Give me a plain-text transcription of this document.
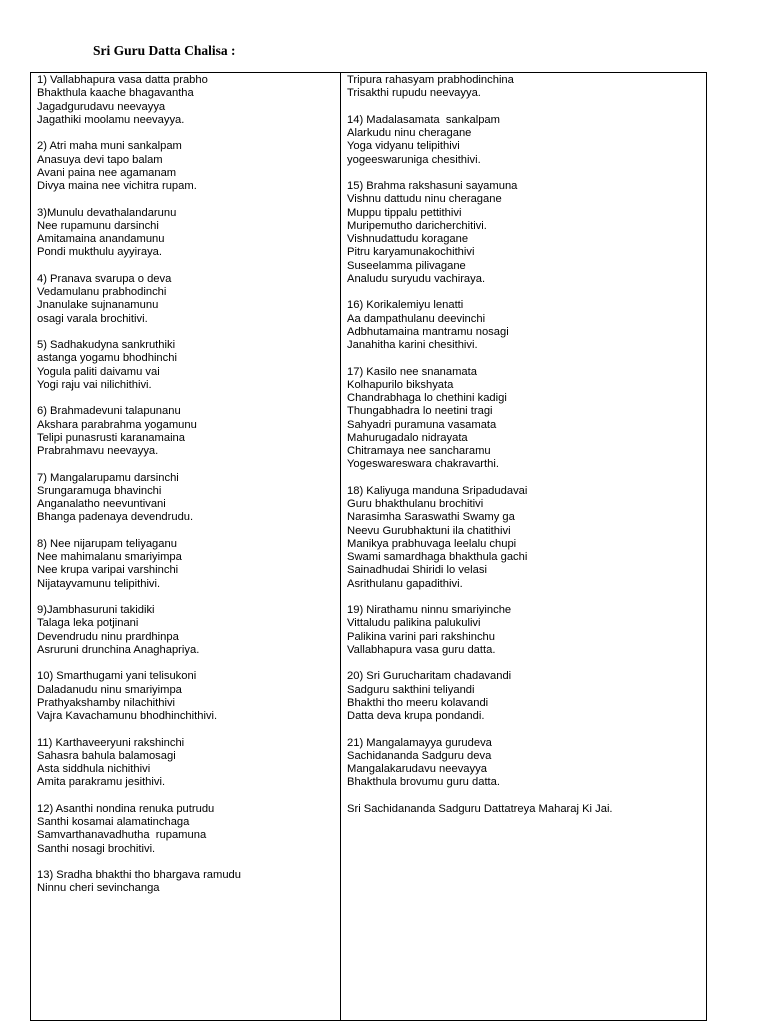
Sri Guru Datta Chalisa :
1) Vallabhapura vasa datta prabho
Bhakthula kaache bhagavantha
Jagadgurudavu neevayya
Jagathiki moolamu neevayya.
2) Atri maha muni sankalpam
Anasuya devi tapo balam
Avani paina nee agamanam
Divya maina nee vichitra rupam.
3)Munulu devathalandarunu
Nee rupamunu darsinchi
Amitamaina anandamunu
Pondi mukthulu ayyiraya.
4) Pranava svarupa o deva
Vedamulanu prabhodinchi
Jnanulake sujnanamunu
osagi varala brochitivi.
5) Sadhakudyna sankruthiki
astanga yogamu bhodhinchi
Yogula paliti daivamu vai
Yogi raju vai nilichithivi.
6) Brahmadevuni talapunanu
Akshara parabrahma yogamunu
Telipi punasrusti karanamaina
Prabrahmavu neevayya.
7) Mangalarupamu darsinchi
Srungaramuga bhavinchi
Anganalatho neevuntivani
Bhanga padenaya devendrudu.
8) Nee nijarupam teliyaganu
Nee mahimalanu smariyimpa
Nee krupa varipai varshinchi
Nijatayvamunu telipithivi.
9)Jambhasuruni takidiki
Talaga leka potjinani
Devendrudu ninu prardhinpa
Asruruni drunchina Anaghapriya.
10) Smarthugami yani telisukoni
Daladanudu ninu smariyimpa
Prathyakshamby nilachithivi
Vajra Kavachamunu bhodhinchithivi.
11) Karthaveeryuni rakshinchi
Sahasra bahula balamosagi
Asta siddhula nichithivi
Amita parakramu jesithivi.
12) Asanthi nondina renuka putrudu
Santhi kosamai alamatinchaga
Samvarthanavadhutha  rupamuna
Santhi nosagi brochitivi.
13) Sradha bhakthi tho bhargava ramudu
Ninnu cheri sevinchanga
Tripura rahasyam prabhodinchina
Trisakthi rupudu neevayya.
14) Madalasamata  sankalpam
Alarkudu ninu cheragane
Yoga vidyanu telipithivi
yogeeswaruniga chesithivi.
15) Brahma rakshasuni sayamuna
Vishnu dattudu ninu cheragane
Muppu tippalu pettithivi
Muripemutho daricherchitivi.
Vishnudattudu koragane
Pitru karyamunakochithivi
Suseelamma pilivagane
Analudu suryudu vachiraya.
16) Korikalemiyu lenatti
Aa dampathulanu deevinchi
Adbhutamaina mantramu nosagi
Janahitha karini chesithivi.
17) Kasilo nee snanamata
Kolhapurilo bikshyata
Chandrabhaga lo chethini kadigi
Thungabhadra lo neetini tragi
Sahyadri puramuna vasamata
Mahurugadalo nidrayata
Chitramaya nee sancharamu
Yogeswareswara chakravarthi.
18) Kaliyuga manduna Sripadudavai
Guru bhakthulanu brochitivi
Narasimha Saraswathi Swamy ga
Neevu Gurubhaktuni ila chatithivi
Manikya prabhuvaga leelalu chupi
Swami samardhaga bhakthula gachi
Sainadhudai Shiridi lo velasi
Asrithulanu gapadithivi.
19) Nirathamu ninnu smariyinche
Vittaludu palikina palukulivi
Palikina varini pari rakshinchu
Vallabhapura vasa guru datta.
20) Sri Gurucharitam chadavandi
Sadguru sakthini teliyandi
Bhakthi tho meeru kolavandi
Datta deva krupa pondandi.
21) Mangalamayya gurudeva
Sachidananda Sadguru deva
Mangalakarudavu neevayya
Bhakthula brovumu guru datta.
Sri Sachidananda Sadguru Dattatreya Maharaj Ki Jai.
